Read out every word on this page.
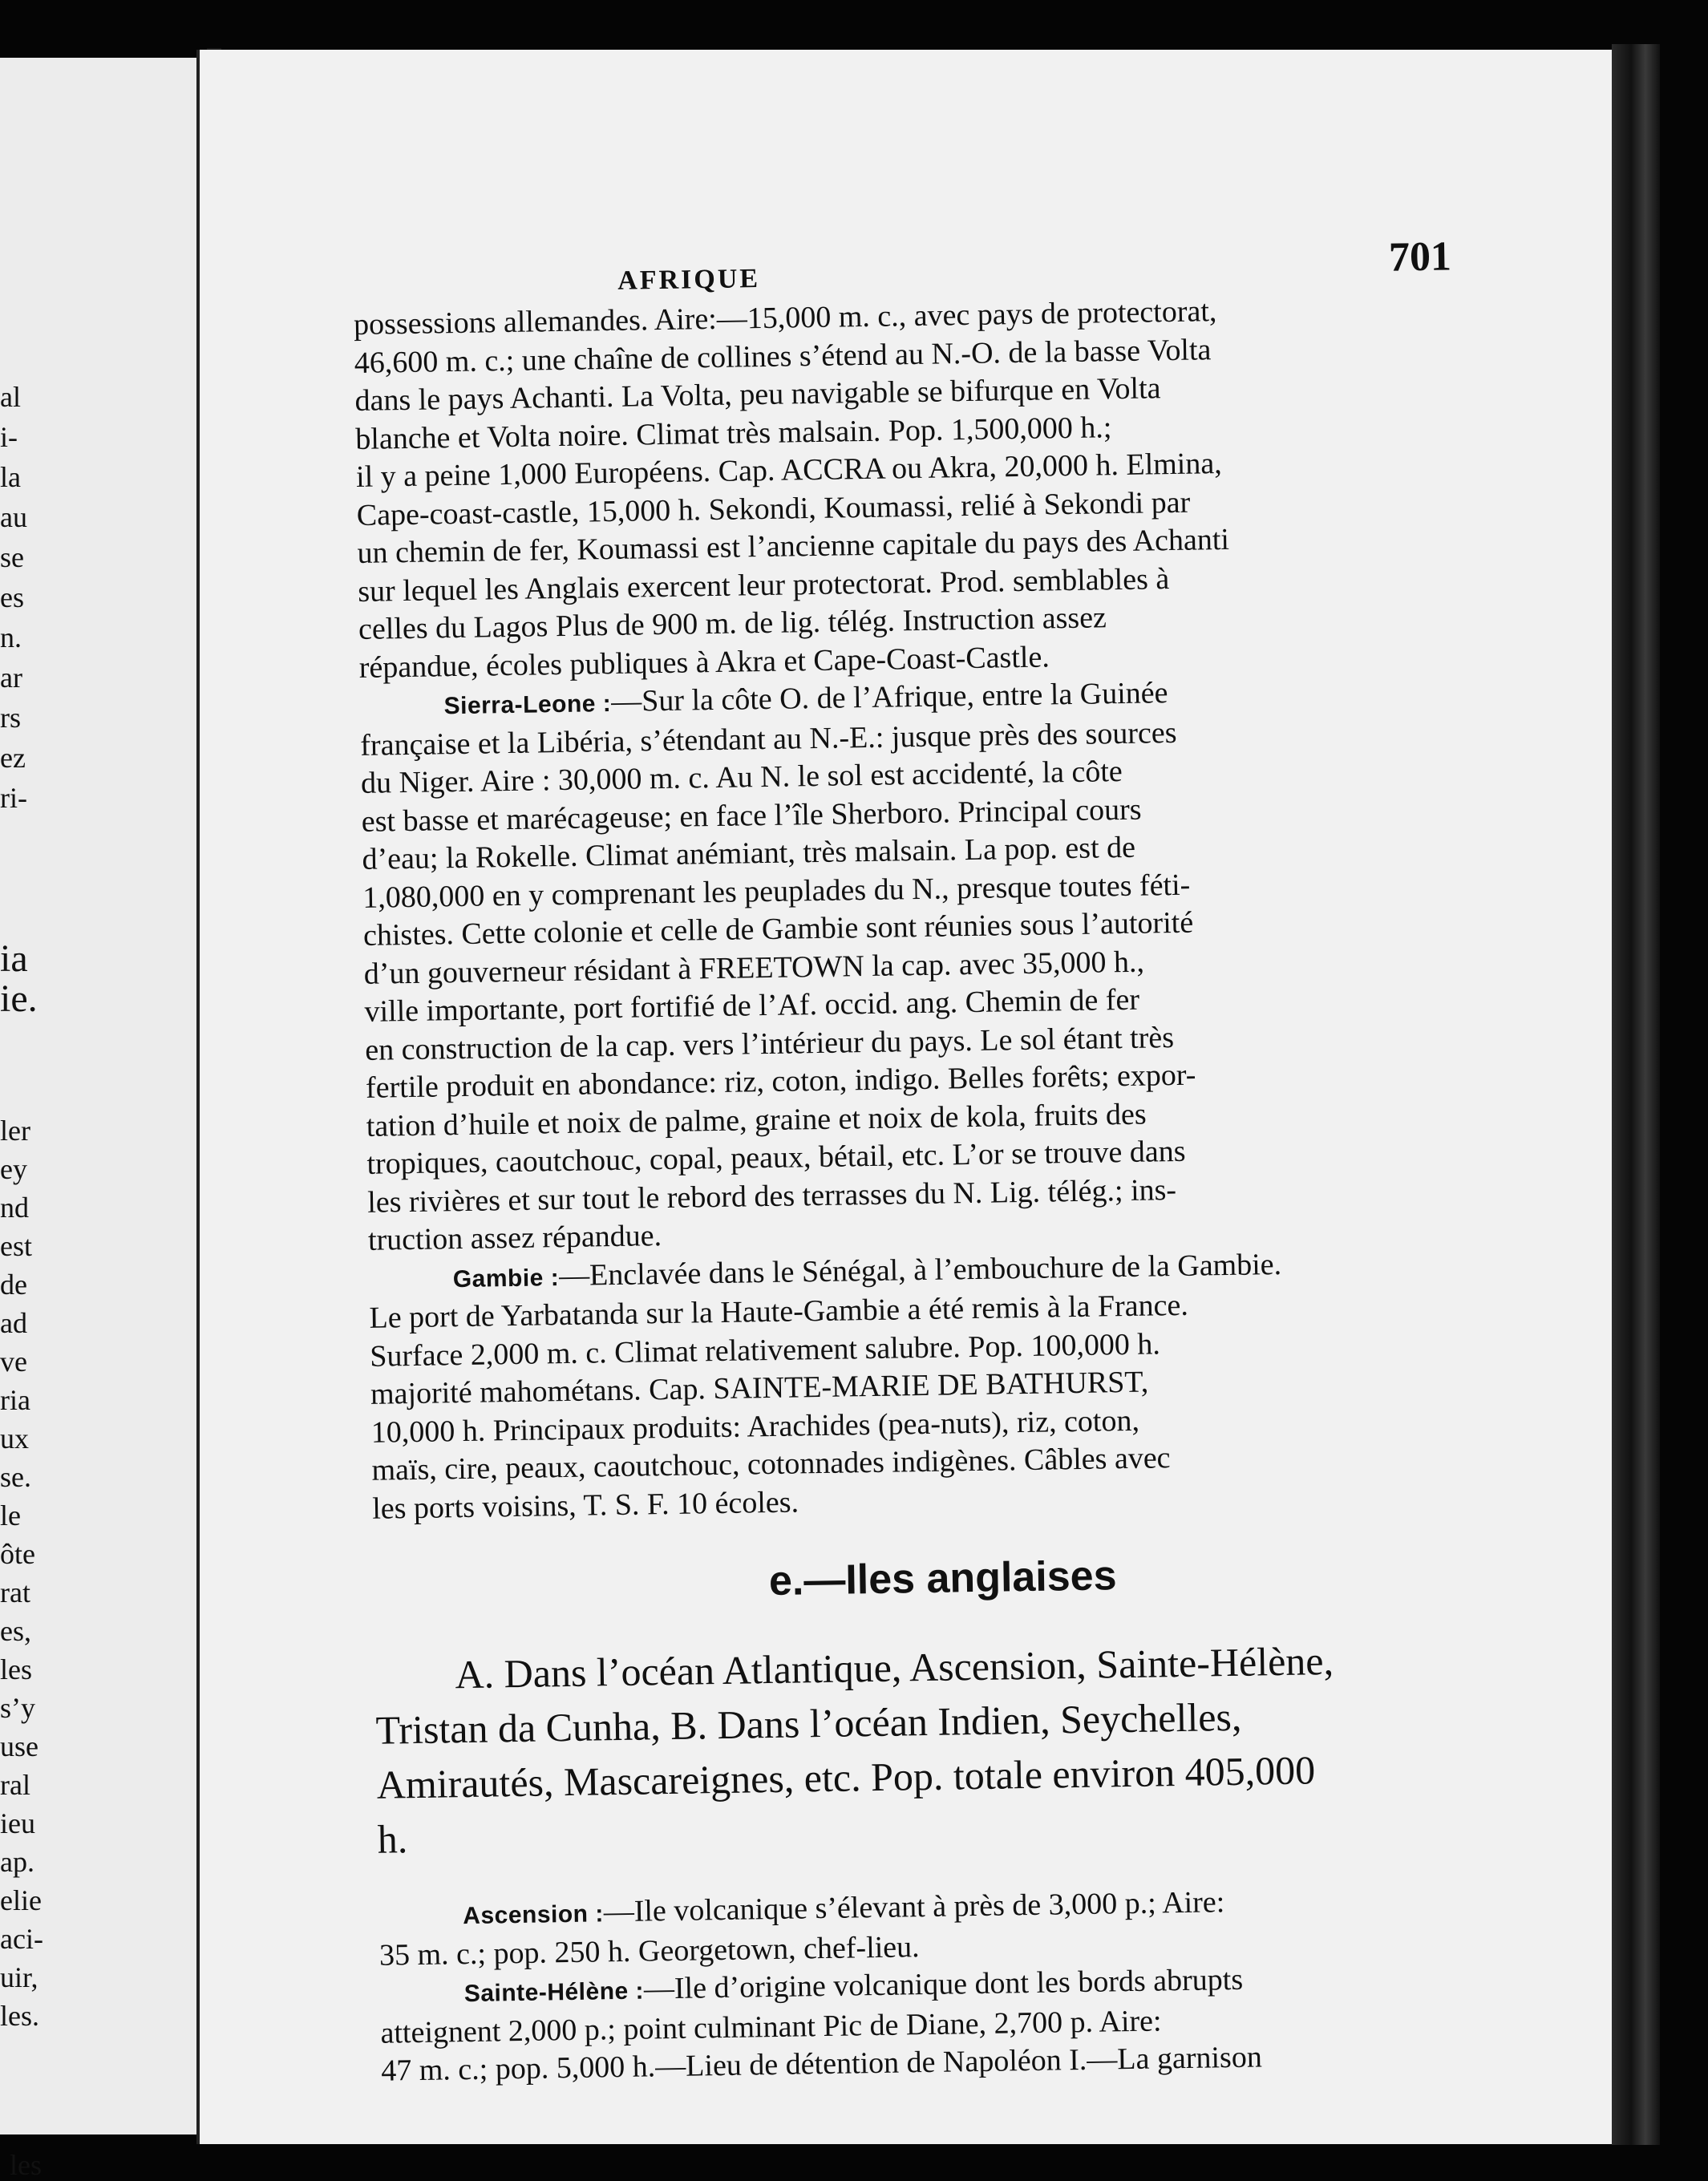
al
i-
la
au
se
es
n.
ar
rs
ez
ri-
ia
ie.
ler
ey
nd
est
de
ad
ve
ria
ux
se.
le
ôte
rat
es,
les
s’y
use
ral
ieu
ap.
elie
aci-
uir,
les.
les
AFRIQUE	701
possessions allemandes. Aire:—15,000 m. c., avec pays de protectorat,
46,600 m. c.; une chaîne de collines s’étend au N.-O. de la basse Volta
dans le pays Achanti. La Volta, peu navigable se bifurque en Volta
blanche et Volta noire. Climat très malsain. Pop. 1,500,000 h.;
il y a peine 1,000 Européens. Cap. ACCRA ou Akra, 20,000 h. Elmina,
Cape-coast-castle, 15,000 h. Sekondi, Koumassi, relié à Sekondi par
un chemin de fer, Koumassi est l’ancienne capitale du pays des Achanti
sur lequel les Anglais exercent leur protectorat. Prod. semblables à
celles du Lagos Plus de 900 m. de lig. télég. Instruction assez
répandue, écoles publiques à Akra et Cape-Coast-Castle.
Sierra-Leone :—Sur la côte O. de l’Afrique, entre la Guinée
française et la Libéria, s’étendant au N.-E.: jusque près des sources
du Niger. Aire : 30,000 m. c. Au N. le sol est accidenté, la côte
est basse et marécageuse; en face l’île Sherboro. Principal cours
d’eau; la Rokelle. Climat anémiant, très malsain. La pop. est de
1,080,000 en y comprenant les peuplades du N., presque toutes féti-
chistes. Cette colonie et celle de Gambie sont réunies sous l’autorité
d’un gouverneur résidant à FREETOWN la cap. avec 35,000 h.,
ville importante, port fortifié de l’Af. occid. ang. Chemin de fer
en construction de la cap. vers l’intérieur du pays. Le sol étant très
fertile produit en abondance: riz, coton, indigo. Belles forêts; expor-
tation d’huile et noix de palme, graine et noix de kola, fruits des
tropiques, caoutchouc, copal, peaux, bétail, etc. L’or se trouve dans
les rivières et sur tout le rebord des terrasses du N. Lig. télég.; ins-
truction assez répandue.
Gambie :—Enclavée dans le Sénégal, à l’embouchure de la Gambie.
Le port de Yarbatanda sur la Haute-Gambie a été remis à la France.
Surface 2,000 m. c. Climat relativement salubre. Pop. 100,000 h.
majorité mahométans. Cap. SAINTE-MARIE DE BATHURST,
10,000 h. Principaux produits: Arachides (pea-nuts), riz, coton,
maïs, cire, peaux, caoutchouc, cotonnades indigènes. Câbles avec
les ports voisins, T. S. F. 10 écoles.
e.—Iles anglaises
A. Dans l’océan Atlantique, Ascension, Sainte-Hélène,
Tristan da Cunha, B. Dans l’océan Indien, Seychelles,
Amirautés, Mascareignes, etc. Pop. totale environ 405,000
h.
Ascension :—Ile volcanique s’élevant à près de 3,000 p.; Aire:
35 m. c.; pop. 250 h. Georgetown, chef-lieu.
Sainte-Hélène :—Ile d’origine volcanique dont les bords abrupts
atteignent 2,000 p.; point culminant Pic de Diane, 2,700 p. Aire:
47 m. c.; pop. 5,000 h.—Lieu de détention de Napoléon I.—La garnison
